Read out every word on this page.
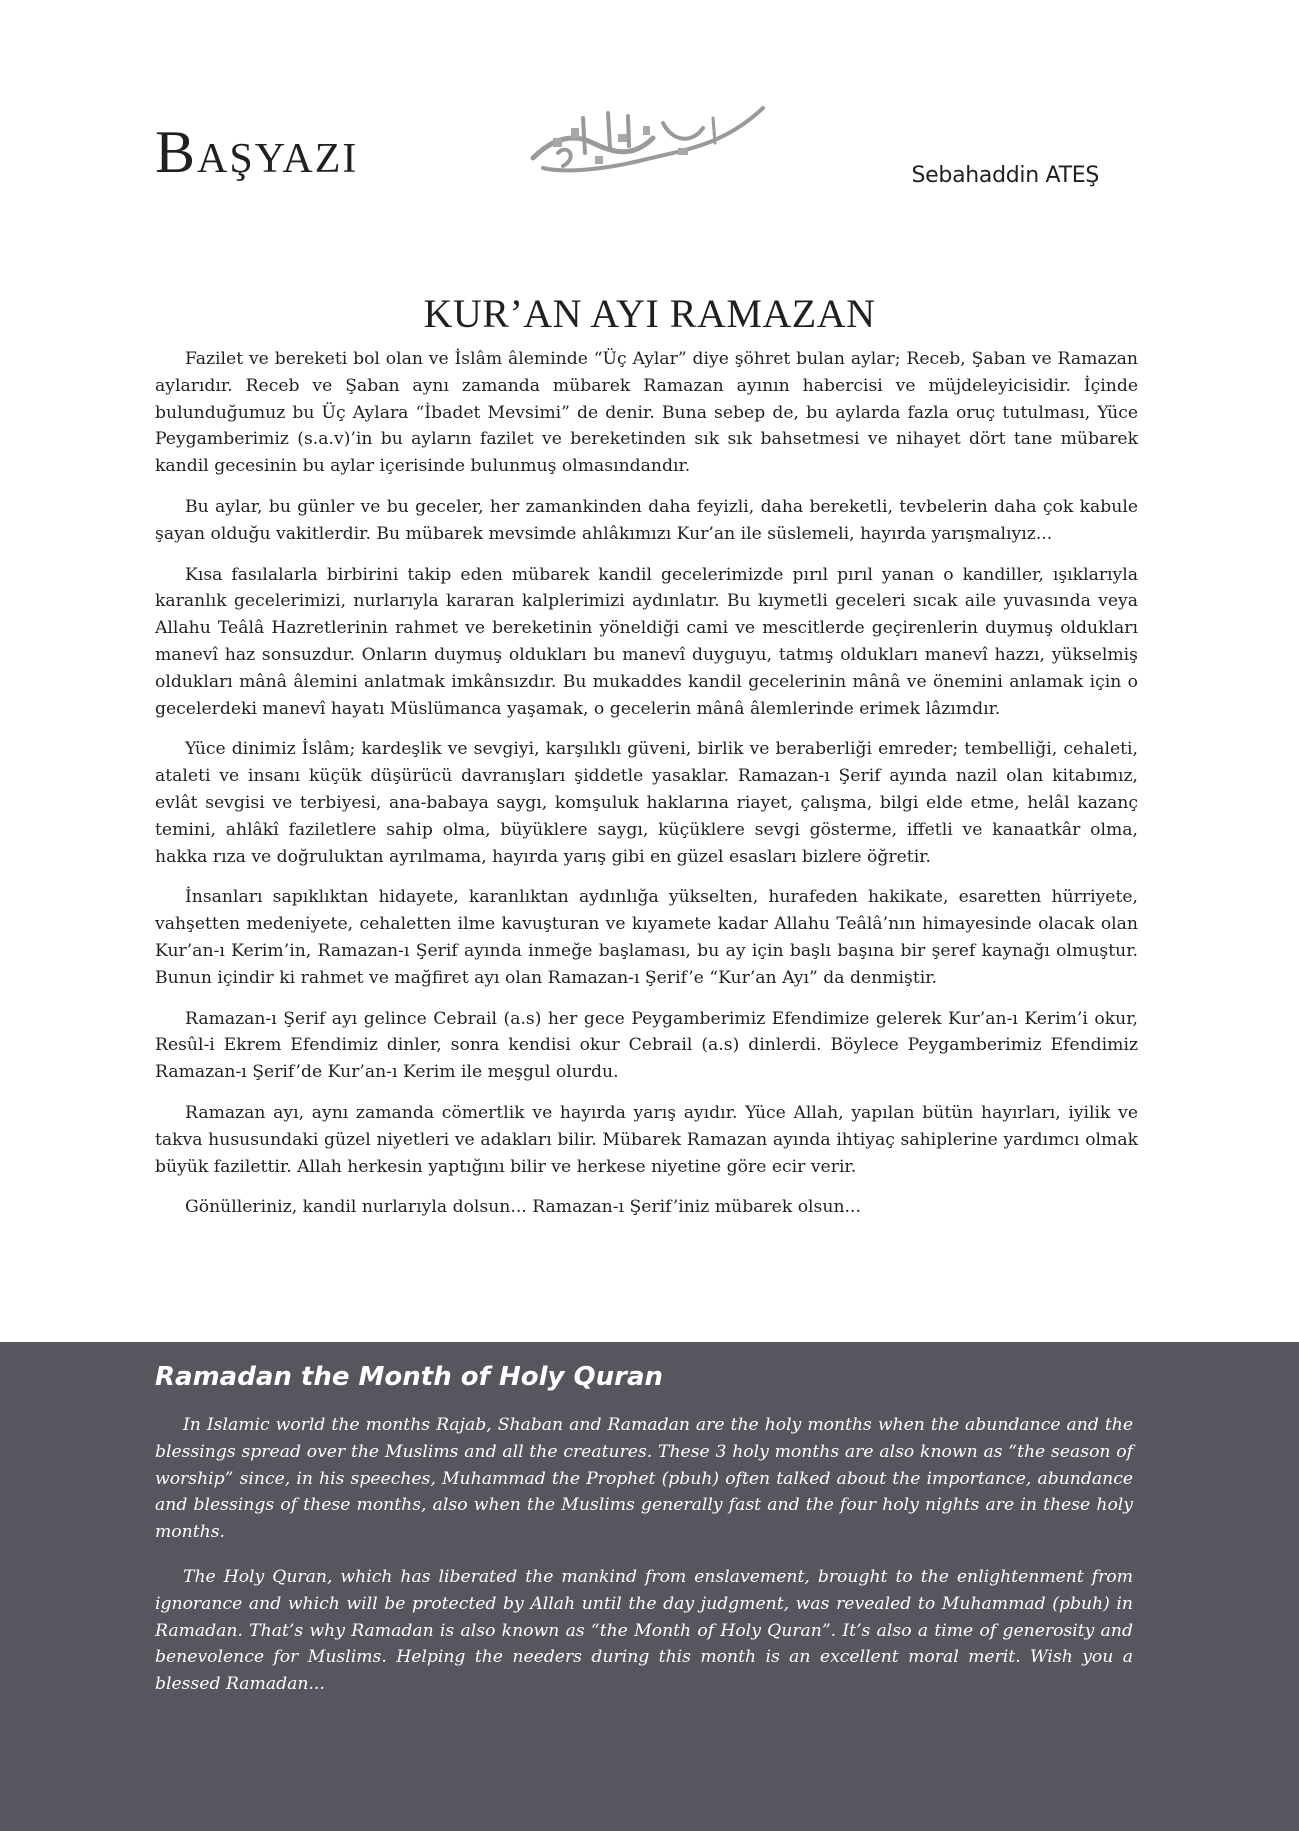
Başyazı	Sebahaddin ATEŞ
KUR’AN AYI RAMAZAN

Fazilet ve bereketi bol olan ve İslâm âleminde “Üç Aylar” diye şöhret bulan aylar; Receb, Şaban ve Ramazan aylarıdır. Receb ve Şaban aynı zamanda mübarek Ramazan ayının habercisi ve müjdeleyicisidir. İçinde bulunduğumuz bu Üç Aylara “İbadet Mevsimi” de denir. Buna sebep de, bu aylarda fazla oruç tutulması, Yüce Peygamberimiz (s.a.v)’in bu ayların fazilet ve bereketinden sık sık bahsetmesi ve nihayet dört tane mübarek kandil gecesinin bu aylar içerisinde bulunmuş olmasındandır.

Bu aylar, bu günler ve bu geceler, her zamankinden daha feyizli, daha bereketli, tevbelerin daha çok kabule şayan olduğu vakitlerdir. Bu mübarek mevsimde ahlâkımızı Kur’an ile süslemeli, hayırda yarışmalıyız...

Kısa fasılalarla birbirini takip eden mübarek kandil gecelerimizde pırıl pırıl yanan o kandiller, ışıklarıyla karanlık gecelerimizi, nurlarıyla kararan kalplerimizi aydınlatır. Bu kıymetli geceleri sıcak aile yuvasında veya Allahu Teâlâ Hazretlerinin rahmet ve bereketinin yöneldiği cami ve mescitlerde geçirenlerin duymuş oldukları manevî haz sonsuzdur. Onların duymuş oldukları bu manevî duyguyu, tatmış oldukları manevî hazzı, yükselmiş oldukları mânâ âlemini anlatmak imkânsızdır. Bu mukaddes kandil gecelerinin mânâ ve önemini anlamak için o gecelerdeki manevî hayatı Müslümanca yaşamak, o gecelerin mânâ âlemlerinde erimek lâzımdır.

Yüce dinimiz İslâm; kardeşlik ve sevgiyi, karşılıklı güveni, birlik ve beraberliği emreder; tembelliği, cehaleti, ataleti ve insanı küçük düşürücü davranışları şiddetle yasaklar. Ramazan-ı Şerif ayında nazil olan kitabımız, evlât sevgisi ve terbiyesi, ana-babaya saygı, komşuluk haklarına riayet, çalışma, bilgi elde etme, helâl kazanç temini, ahlâkî faziletlere sahip olma, büyüklere saygı, küçüklere sevgi gösterme, iffetli ve kanaatkâr olma, hakka rıza ve doğruluktan ayrılmama, hayırda yarış gibi en güzel esasları bizlere öğretir.

İnsanları sapıklıktan hidayete, karanlıktan aydınlığa yükselten, hurafeden hakikate, esaretten hürriyete, vahşetten medeniyete, cehaletten ilme kavuşturan ve kıyamete kadar Allahu Teâlâ’nın himayesinde olacak olan Kur’an-ı Kerim’in, Ramazan-ı Şerif ayında inmeğe başlaması, bu ay için başlı başına bir şeref kaynağı olmuştur. Bunun içindir ki rahmet ve mağfiret ayı olan Ramazan-ı Şerif’e “Kur’an Ayı” da denmiştir.

Ramazan-ı Şerif ayı gelince Cebrail (a.s) her gece Peygamberimiz Efendimize gelerek Kur’an-ı Kerim’i okur, Resûl-i Ekrem Efendimiz dinler, sonra kendisi okur Cebrail (a.s) dinlerdi. Böylece Peygamberimiz Efendimiz Ramazan-ı Şerif’de Kur’an-ı Kerim ile meşgul olurdu.

Ramazan ayı, aynı zamanda cömertlik ve hayırda yarış ayıdır. Yüce Allah, yapılan bütün hayırları, iyilik ve takva hususundaki güzel niyetleri ve adakları bilir. Mübarek Ramazan ayında ihtiyaç sahiplerine yardımcı olmak büyük fazilettir. Allah herkesin yaptığını bilir ve herkese niyetine göre ecir verir.

Gönülleriniz, kandil nurlarıyla dolsun... Ramazan-ı Şerif’iniz mübarek olsun...

Ramadan the Month of Holy Quran

In Islamic world the months Rajab, Shaban and Ramadan are the holy months when the abundance and the blessings spread over the Muslims and all the creatures. These 3 holy months are also known as “the season of worship” since, in his speeches, Muhammad the Prophet (pbuh) often talked about the importance, abundance and blessings of these months, also when the Muslims generally fast and the four holy nights are in these holy months.

The Holy Quran, which has liberated the mankind from enslavement, brought to the enlightenment from ignorance and which will be protected by Allah until the day judgment, was revealed to Muhammad (pbuh) in Ramadan. That’s why Ramadan is also known as “the Month of Holy Quran”. It’s also a time of generosity and benevolence for Muslims. Helping the needers during this month is an excellent moral merit. Wish you a blessed Ramadan...
